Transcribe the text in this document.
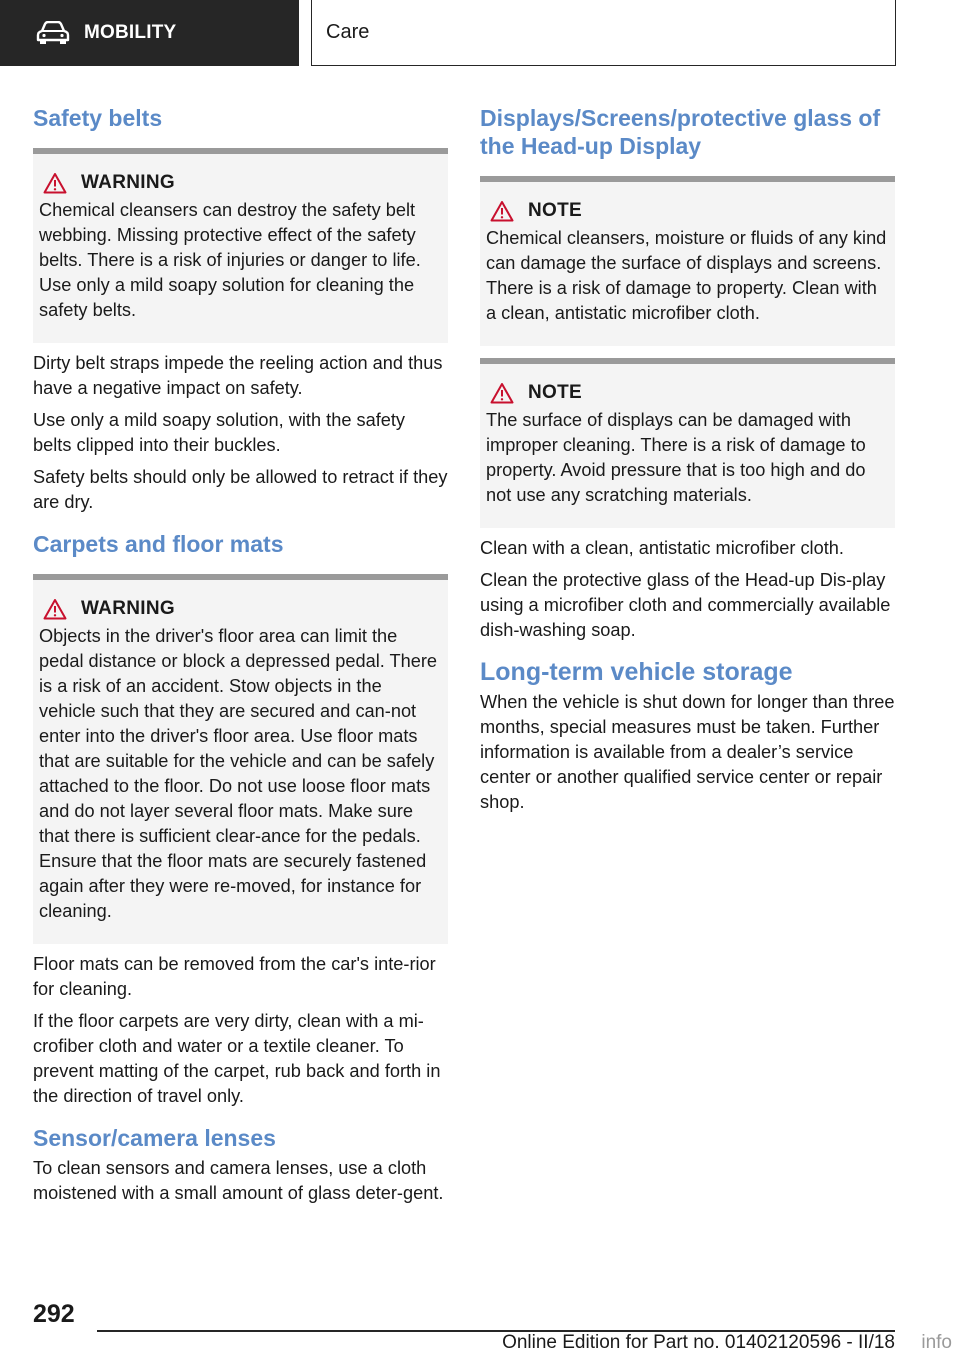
MOBILITY	Care
Safety belts
WARNING

Chemical cleansers can destroy the safety belt webbing. Missing protective effect of the safety belts. There is a risk of injuries or danger to life. Use only a mild soapy solution for cleaning the safety belts.

Dirty belt straps impede the reeling action and thus have a negative impact on safety.

Use only a mild soapy solution, with the safety belts clipped into their buckles.

Safety belts should only be allowed to retract if they are dry.

Carpets and floor mats
WARNING

Objects in the driver's floor area can limit the pedal distance or block a depressed pedal. There is a risk of an accident. Stow objects in the vehicle such that they are secured and can‐not enter into the driver's floor area. Use floor mats that are suitable for the vehicle and can be safely attached to the floor. Do not use loose floor mats and do not layer several floor mats. Make sure that there is sufficient clear‐ance for the pedals. Ensure that the floor mats are securely fastened again after they were re‐moved, for instance for cleaning.

Floor mats can be removed from the car's inte‐rior for cleaning.

If the floor carpets are very dirty, clean with a mi‐crofiber cloth and water or a textile cleaner. To prevent matting of the carpet, rub back and forth in the direction of travel only.

Sensor/camera lenses

To clean sensors and camera lenses, use a cloth moistened with a small amount of glass deter‐gent.

Displays/Screens/protective glass of the Head-up Display
NOTE

Chemical cleansers, moisture or fluids of any kind can damage the surface of displays and screens. There is a risk of damage to property. Clean with a clean, antistatic microfiber cloth.

NOTE

The surface of displays can be damaged with improper cleaning. There is a risk of damage to property. Avoid pressure that is too high and do not use any scratching materials.

Clean with a clean, antistatic microfiber cloth.

Clean the protective glass of the Head-up Dis‐play using a microfiber cloth and commercially available dish-washing soap.

Long-term vehicle storage

When the vehicle is shut down for longer than three months, special measures must be taken. Further information is available from a dealer’s service center or another qualified service center or repair shop.

292
Online Edition for Part no. 01402120596 - II/18 info
